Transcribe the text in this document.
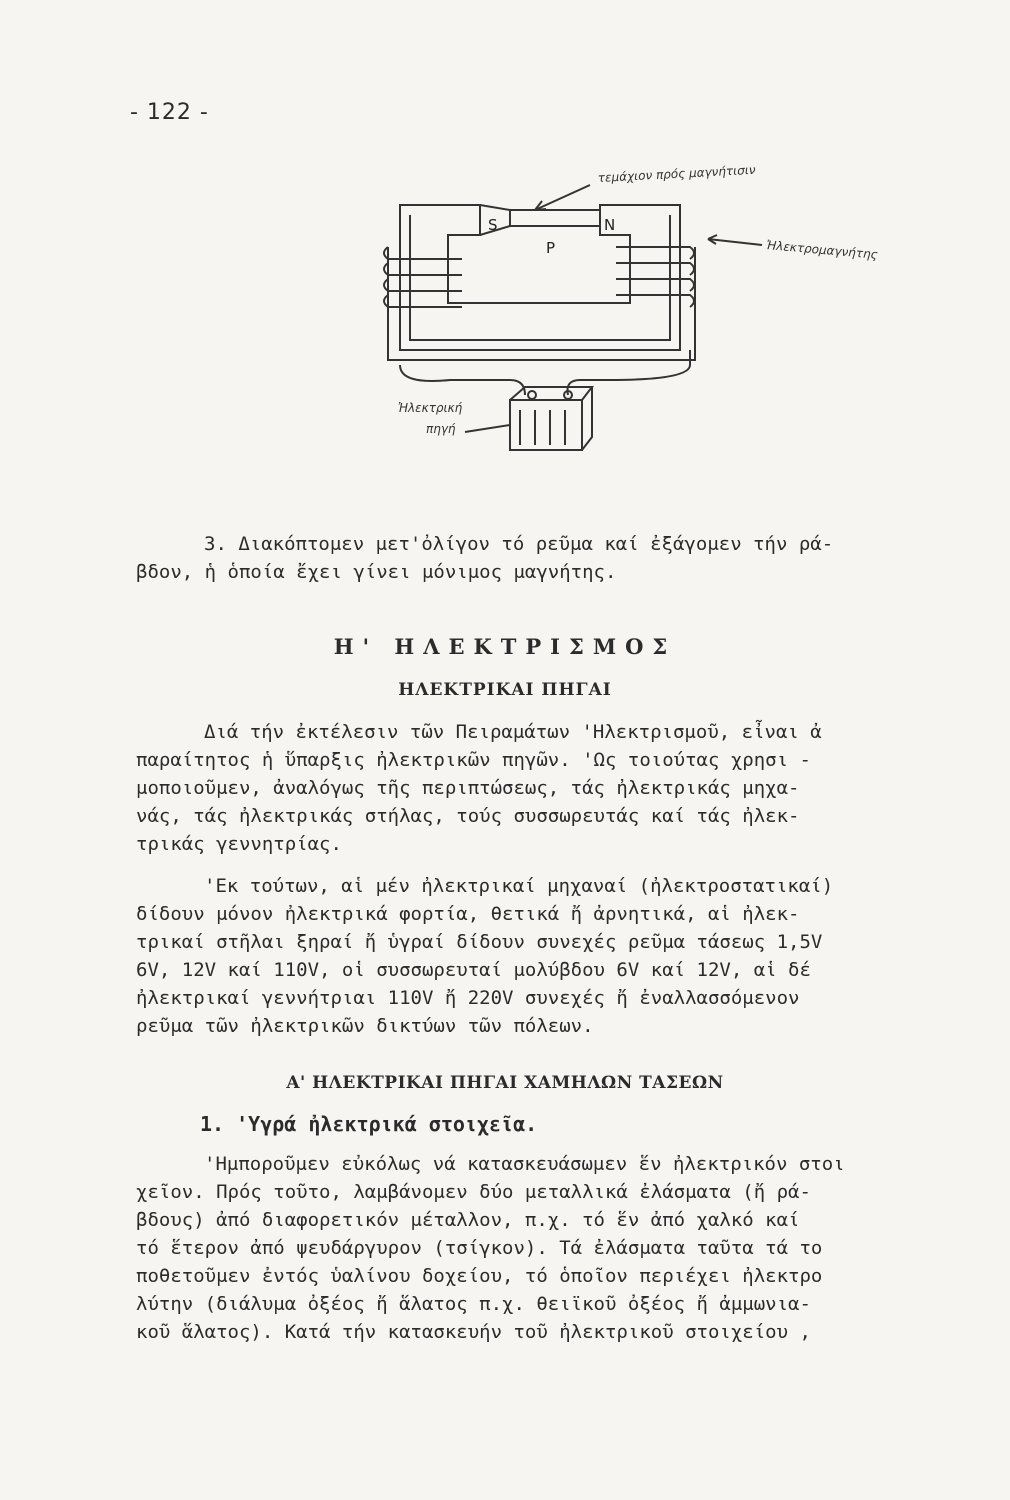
- 122 -
S	N
P
τεμάχιον πρός μαγνήτισιν
Ἠλεκτρομαγνήτης
Ἠλεκτρική
πηγή
3. Διακόπτομεν μετ'ὀλίγον τό ρεῦμα καί ἐξάγομεν τήν ρά-
βδον, ἡ ὁποία ἔχει γίνει μόνιμος μαγνήτης.
Η' ΗΛΕΚΤΡΙΣΜΟΣ
ΗΛΕΚΤΡΙΚΑΙ ΠΗΓΑΙ
Διά τήν ἐκτέλεσιν τῶν Πειραμάτων 'Ηλεκτρισμοῦ, εἶναι ἀ
παραίτητος ἡ ὕπαρξις ἠλεκτρικῶν πηγῶν. 'Ως τοιούτας χρησι -
μοποιοῦμεν, ἀναλόγως τῆς περιπτώσεως, τάς ἠλεκτρικάς μηχα-
νάς, τάς ἠλεκτρικάς στήλας, τούς συσσωρευτάς καί τάς ἠλεκ-
τρικάς γεννητρίας.
'Εκ τούτων, αἱ μέν ἠλεκτρικαί μηχαναί (ἠλεκτροστατικαί)
δίδουν μόνον ἠλεκτρικά φορτία, θετικά ἤ ἀρνητικά, αἱ ἠλεκ-
τρικαί στῆλαι ξηραί ἤ ὑγραί δίδουν συνεχές ρεῦμα τάσεως 1,5V
6V, 12V καί 110V, οἱ συσσωρευταί μολύβδου 6V καί 12V, αἱ δέ
ἠλεκτρικαί γεννήτριαι 110V ἤ 220V συνεχές ἤ ἐναλλασσόμενον
ρεῦμα τῶν ἠλεκτρικῶν δικτύων τῶν πόλεων.
Α' ΗΛΕΚΤΡΙΚΑΙ ΠΗΓΑΙ ΧΑΜΗΛΩΝ ΤΑΣΕΩΝ
1. 'Υγρά ἠλεκτρικά στοιχεῖα.
'Ημποροῦμεν εὐκόλως νά κατασκευάσωμεν ἕν ἠλεκτρικόν στοι
χεῖον. Πρός τοῦτο, λαμβάνομεν δύο μεταλλικά ἐλάσματα (ἤ ρά-
βδους) ἀπό διαφορετικόν μέταλλον, π.χ. τό ἕν ἀπό χαλκό καί
τό ἕτερον ἀπό ψευδάργυρον (τσίγκον). Τά ἐλάσματα ταῦτα τά το
ποθετοῦμεν ἐντός ὑαλίνου δοχείου, τό ὁποῖον περιέχει ἠλεκτρο
λύτην (διάλυμα ὀξέος ἤ ἅλατος π.χ. θειϊκοῦ ὀξέος ἤ ἀμμωνια-
κοῦ ἅλατος). Κατά τήν κατασκευήν τοῦ ἠλεκτρικοῦ στοιχείου ,
